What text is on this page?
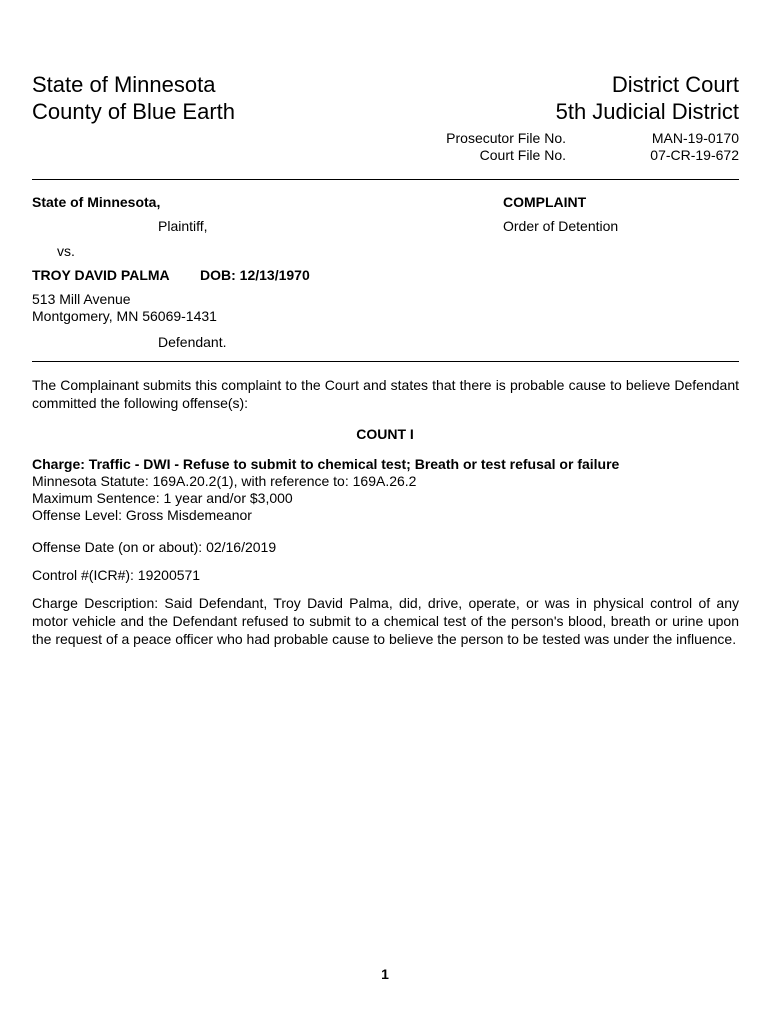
State of Minnesota
County of Blue Earth
District Court
5th Judicial District
Prosecutor File No.
Court File No.
MAN-19-0170
07-CR-19-672
State of Minnesota,
Plaintiff,
vs.
TROY DAVID PALMA DOB: 12/13/1970
513 Mill Avenue
Montgomery, MN 56069-1431
Defendant.
COMPLAINT
Order of Detention
The Complainant submits this complaint to the Court and states that there is probable cause to believe Defendant committed the following offense(s):
COUNT I
Charge: Traffic - DWI - Refuse to submit to chemical test; Breath or test refusal or failure
Minnesota Statute: 169A.20.2(1), with reference to: 169A.26.2
Maximum Sentence: 1 year and/or $3,000
Offense Level: Gross Misdemeanor
Offense Date (on or about): 02/16/2019
Control #(ICR#): 19200571
Charge Description: Said Defendant, Troy David Palma, did, drive, operate, or was in physical control of any motor vehicle and the Defendant refused to submit to a chemical test of the person's blood, breath or urine upon the request of a peace officer who had probable cause to believe the person to be tested was under the influence.
1
